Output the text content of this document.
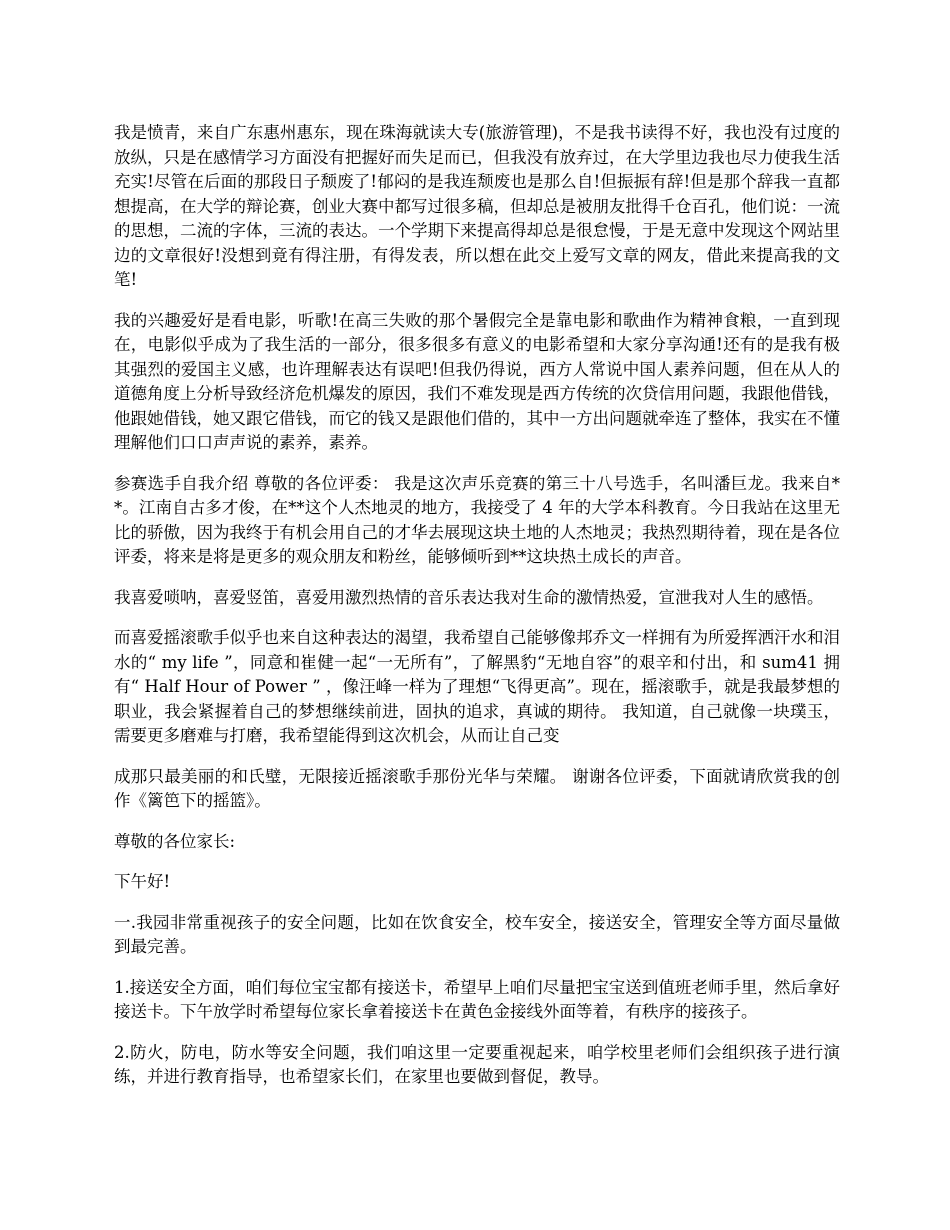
我是愤青，来自广东惠州惠东，现在珠海就读大专(旅游管理)，不是我书读得不好，我也没有过度的放纵，只是在感情学习方面没有把握好而失足而已，但我没有放弃过，在大学里边我也尽力使我生活充实!尽管在后面的那段日子颓废了!郁闷的是我连颓废也是那么自!但振振有辞!但是那个辞我一直都想提高，在大学的辩论赛，创业大赛中都写过很多稿，但却总是被朋友批得千仓百孔，他们说：一流的思想，二流的字体，三流的表达。一个学期下来提高得却总是很怠慢，于是无意中发现这个网站里边的文章很好!没想到竟有得注册，有得发表，所以想在此交上爱写文章的网友，借此来提高我的文笔!

我的兴趣爱好是看电影，听歌!在高三失败的那个暑假完全是靠电影和歌曲作为精神食粮，一直到现在，电影似乎成为了我生活的一部分，很多很多有意义的电影希望和大家分享沟通!还有的是我有极其强烈的爱国主义感，也许理解表达有误吧!但我仍得说，西方人常说中国人素养问题，但在从人的道德角度上分析导致经济危机爆发的原因，我们不难发现是西方传统的次贷信用问题，我跟他借钱，他跟她借钱，她又跟它借钱，而它的钱又是跟他们借的，其中一方出问题就牵连了整体，我实在不懂理解他们口口声声说的素养，素养。

参赛选手自我介绍 尊敬的各位评委： 我是这次声乐竞赛的第三十八号选手，名叫潘巨龙。我来自**。江南自古多才俊，在**这个人杰地灵的地方，我接受了 4 年的大学本科教育。今日我站在这里无比的骄傲，因为我终于有机会用自己的才华去展现这块土地的人杰地灵；我热烈期待着，现在是各位评委，将来是将是更多的观众朋友和粉丝，能够倾听到**这块热土成长的声音。

我喜爱唢呐，喜爱竖笛，喜爱用激烈热情的音乐表达我对生命的激情热爱，宣泄我对人生的感悟。

而喜爱摇滚歌手似乎也来自这种表达的渴望，我希望自己能够像邦乔文一样拥有为所爱挥洒汗水和泪水的“ my life ”，同意和崔健一起“一无所有”，了解黑豹“无地自容”的艰辛和付出，和 sum41 拥有“ Half Hour of Power ” ，像汪峰一样为了理想“飞得更高”。现在，摇滚歌手，就是我最梦想的职业，我会紧握着自己的梦想继续前进，固执的追求，真诚的期待。 我知道，自己就像一块璞玉，需要更多磨难与打磨，我希望能得到这次机会，从而让自己变

成那只最美丽的和氏璧，无限接近摇滚歌手那份光华与荣耀。 谢谢各位评委，下面就请欣赏我的创作《篱笆下的摇篮》。

尊敬的各位家长:

下午好!

一.我园非常重视孩子的安全问题，比如在饮食安全，校车安全，接送安全，管理安全等方面尽量做到最完善。

1.接送安全方面，咱们每位宝宝都有接送卡，希望早上咱们尽量把宝宝送到值班老师手里，然后拿好接送卡。下午放学时希望每位家长拿着接送卡在黄色金接线外面等着，有秩序的接孩子。

2.防火，防电，防水等安全问题，我们咱这里一定要重视起来，咱学校里老师们会组织孩子进行演练，并进行教育指导，也希望家长们，在家里也要做到督促，教导。
